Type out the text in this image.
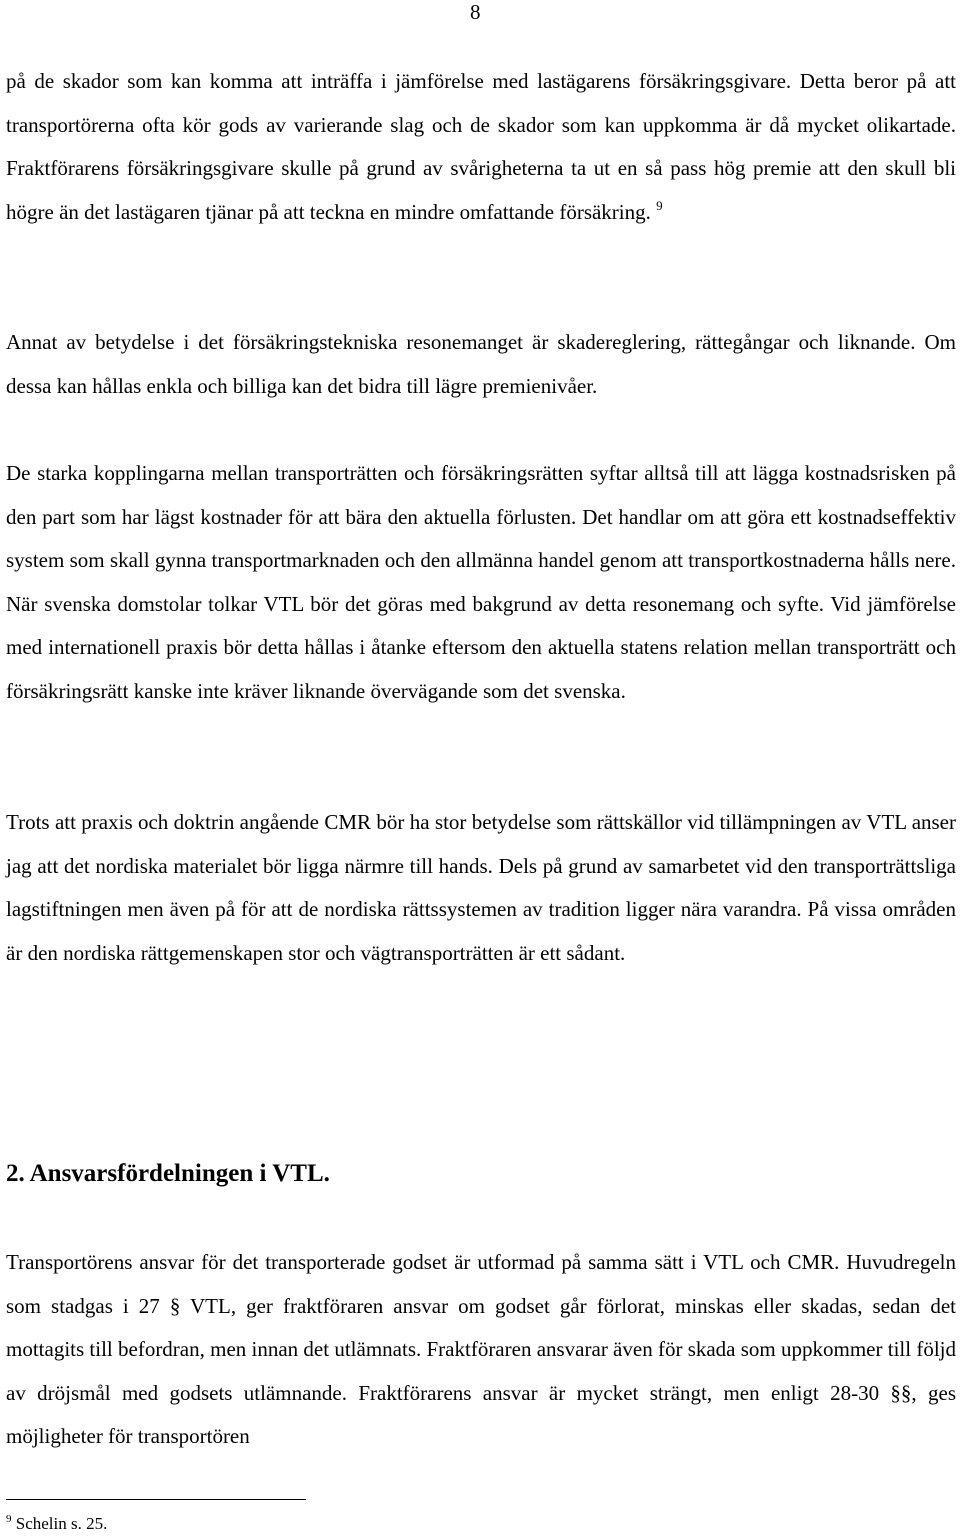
8

på de skador som kan komma att inträffa i jämförelse med lastägarens försäkringsgivare. Detta beror på att transportörerna ofta kör gods av varierande slag och de skador som kan uppkomma är då mycket olikartade. Fraktförarens försäkringsgivare skulle på grund av svårigheterna ta ut en så pass hög premie att den skull bli högre än det lastägaren tjänar på att teckna en mindre omfattande försäkring. $^9$

Annat av betydelse i det försäkringstekniska resonemanget är skadereglering, rättegångar och liknande. Om dessa kan hållas enkla och billiga kan det bidra till lägre premienivåer.

De starka kopplingarna mellan transporträtten och försäkringsrätten syftar alltså till att lägga kostnadsrisken på den part som har lägst kostnader för att bära den aktuella förlusten. Det handlar om att göra ett kostnadseffektiv system som skall gynna transportmarknaden och den allmänna handel genom att transportkostnaderna hålls nere. När svenska domstolar tolkar VTL bör det göras med bakgrund av detta resonemang och syfte. Vid jämförelse med internationell praxis bör detta hållas i åtanke eftersom den aktuella statens relation mellan transporträtt och försäkringsrätt kanske inte kräver liknande övervägande som det svenska.

Trots att praxis och doktrin angående CMR bör ha stor betydelse som rättskällor vid tillämpningen av VTL anser jag att det nordiska materialet bör ligga närmre till hands. Dels på grund av samarbetet vid den transporträttsliga lagstiftningen men även på för att de nordiska rättssystemen av tradition ligger nära varandra. På vissa områden är den nordiska rättgemenskapen stor och vägtransporträtten är ett sådant.

2. Ansvarsfördelningen i VTL.

Transportörens ansvar för det transporterade godset är utformad på samma sätt i VTL och CMR. Huvudregeln som stadgas i 27 § VTL, ger fraktföraren ansvar om godset går förlorat, minskas eller skadas, sedan det mottagits till befordran, men innan det utlämnats. Fraktföraren ansvarar även för skada som uppkommer till följd av dröjsmål med godsets utlämnande. Fraktförarens ansvar är mycket strängt, men enligt 28-30 §§, ges möjligheter för transportören

$^9$ Schelin s. 25.
